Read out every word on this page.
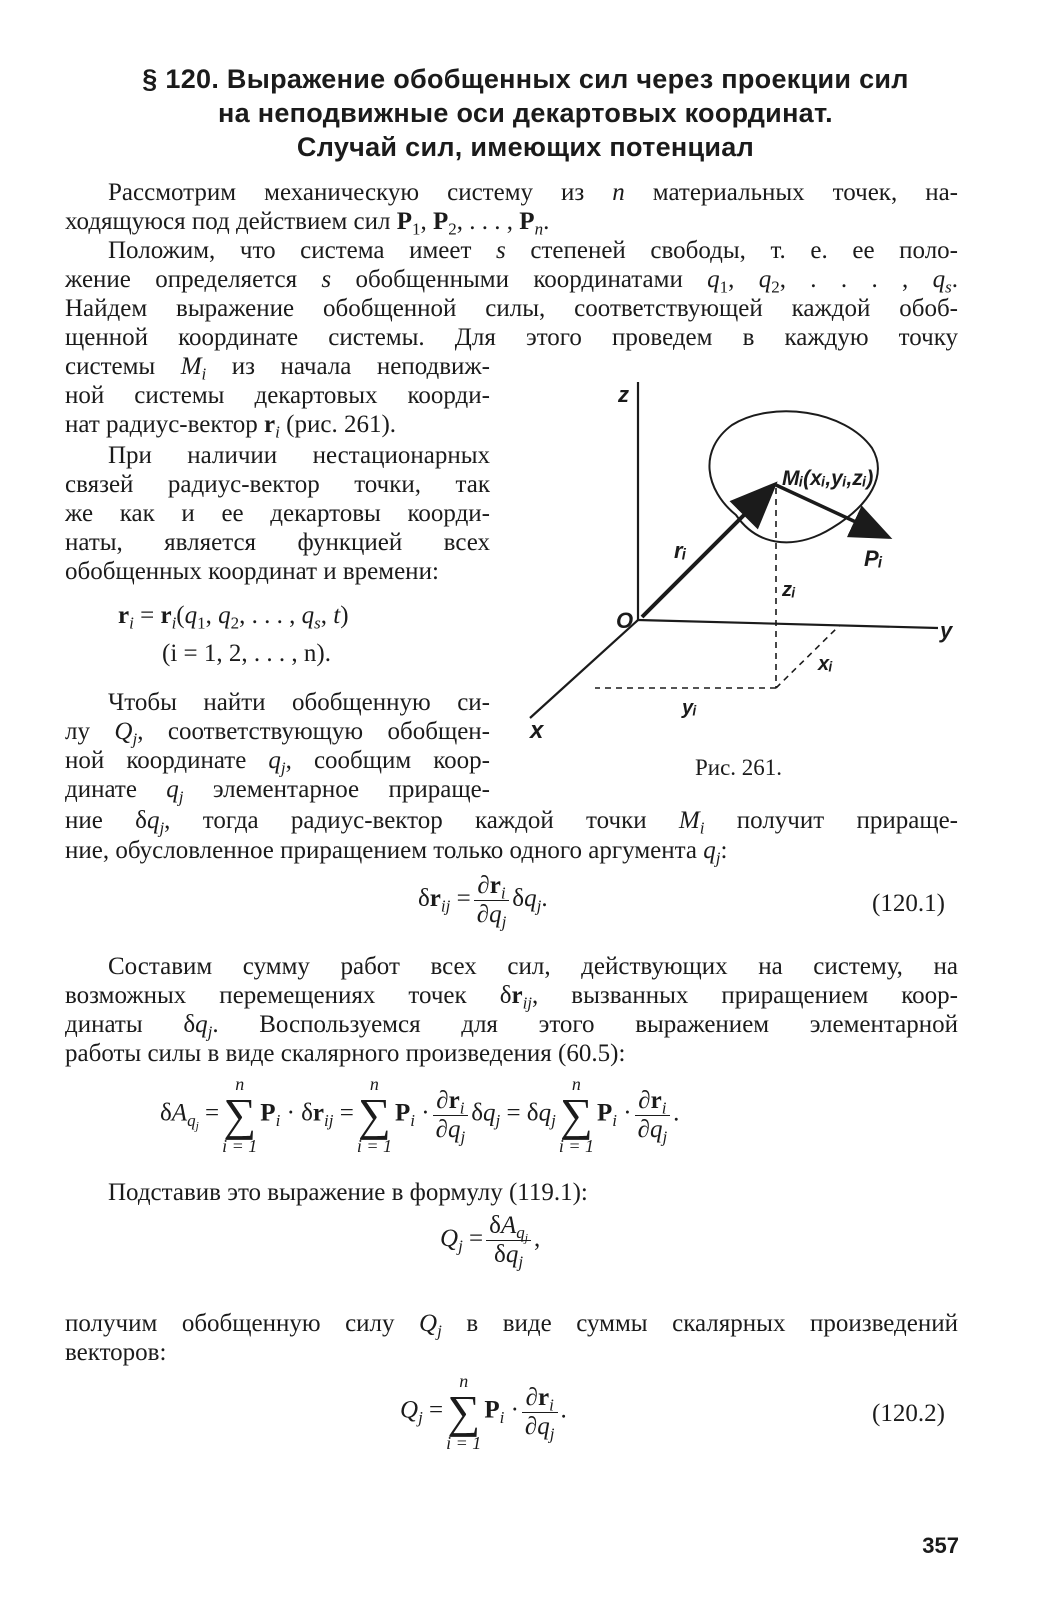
§ 120. Выражение обобщенных сил через проекции сил
на неподвижные оси декартовых координат.
Случай сил, имеющих потенциал
Рассмотрим механическую систему из n материальных точек, на-
ходящуюся под действием сил $P_1$, $P_2$, . . . , $P_n$.
Положим, что система имеет s степеней свободы, т. е. ее поло-
жение определяется s обобщенными координатами $q_1$, $q_2$, . . . , $q_s$.
Найдем выражение обобщенной силы, соответствующей каждой обоб-
щенной координате системы. Для этого проведем в каждую точку
системы $M_i$ из начала неподвиж-
ной системы декартовых коорди-
нат радиус-вектор $r_i$ (рис. 261).
При наличии нестационарных
связей радиус-вектор точки, так
же как и ее декартовы коорди-
наты, является функцией всех
обобщенных координат и времени:
$r_i = r_i(q_1$, $q_2$, . . . , $q_s$, t)
(i = 1, 2, . . . , n).
Чтобы найти обобщенную си-
лу $Q_j$, соответствующую обобщен-
ной координате $q_j$, сообщим коор-
динате $q_j$ элементарное прираще-
ние $\delta q_j$, тогда радиус-вектор каждой точки $M_i$ получит прираще-
ние, обусловленное приращением только одного аргумента $q_j$:
$\delta r_{ij} = \frac{\partial r_i}{\partial q_j} \delta q_j$.	(120.1)
Составим сумму работ всех сил, действующих на систему, на
возможных перемещениях точек $\delta r_{ij}$, вызванных приращением коор-
динаты $\delta q_j$. Воспользуемся для этого выражением элементарной
работы силы в виде скалярного произведения (60.5):
$\delta A_{q_j}$ =
n
∑
i = 1
$P_i \cdot \delta r_{ij}$ =
n
∑
i = 1
$P_i \cdot \frac{\partial r_i}{\partial q_j} \delta q_j = \delta q_j$
n
∑
i = 1
$P_i \cdot \frac{\partial r_i}{\partial q_j}$ .
Подставив это выражение в формулу (119.1):
$Q_j = \frac{\delta A_{q_j}}{\delta q_j}$ ,
получим обобщенную силу $Q_j$ в виде суммы скалярных произведений
векторов:
$Q_j$ =
n
∑
i = 1
$P_i \cdot \frac{\partial r_i}{\partial q_j}$ .	(120.2)
z
y
x
O
Mᵢ(xᵢ,yᵢ,zᵢ)
rᵢ	Pᵢ
zᵢ
xᵢ
yᵢ
Рис. 261.
357
